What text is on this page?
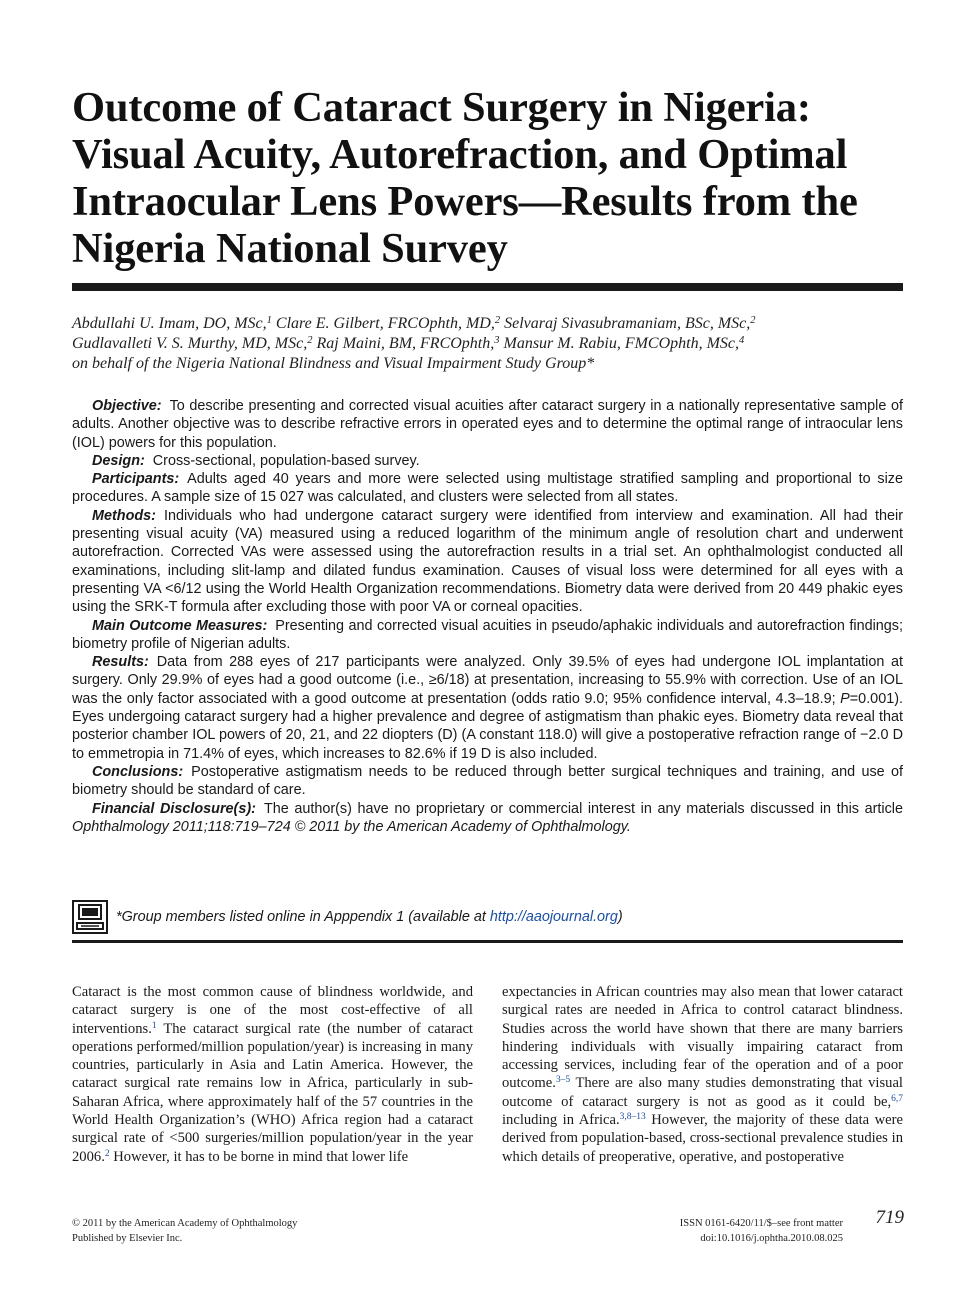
Outcome of Cataract Surgery in Nigeria:
Visual Acuity, Autorefraction, and Optimal
Intraocular Lens Powers—Results from the
Nigeria National Survey
Abdullahi U. Imam, DO, MSc,$^1$ Clare E. Gilbert, FRCOphth, MD,$^2$ Selvaraj Sivasubramaniam, BSc, MSc,$^2$
Gudlavalleti V. S. Murthy, MD, MSc,$^2$ Raj Maini, BM, FRCOphth,$^3$ Mansur M. Rabiu, FMCOphth, MSc,$^4$
on behalf of the Nigeria National Blindness and Visual Impairment Study Group*

Objective: To describe presenting and corrected visual acuities after cataract surgery in a nationally representative sample of adults. Another objective was to describe refractive errors in operated eyes and to determine the optimal range of intraocular lens (IOL) powers for this population.

Design: Cross-sectional, population-based survey.

Participants: Adults aged 40 years and more were selected using multistage stratified sampling and proportional to size procedures. A sample size of 15 027 was calculated, and clusters were selected from all states.

Methods: Individuals who had undergone cataract surgery were identified from interview and examination. All had their presenting visual acuity (VA) measured using a reduced logarithm of the minimum angle of resolution chart and underwent autorefraction. Corrected VAs were assessed using the autorefraction results in a trial set. An ophthalmologist conducted all examinations, including slit-lamp and dilated fundus examination. Causes of visual loss were determined for all eyes with a presenting VA <6/12 using the World Health Organization recommendations. Biometry data were derived from 20 449 phakic eyes using the SRK-T formula after excluding those with poor VA or corneal opacities.

Main Outcome Measures: Presenting and corrected visual acuities in pseudo/aphakic individuals and autorefraction findings; biometry profile of Nigerian adults.

Results: Data from 288 eyes of 217 participants were analyzed. Only 39.5% of eyes had undergone IOL implantation at surgery. Only 29.9% of eyes had a good outcome (i.e., ≥6/18) at presentation, increasing to 55.9% with correction. Use of an IOL was the only factor associated with a good outcome at presentation (odds ratio 9.0; 95% confidence interval, 4.3–18.9; P=0.001). Eyes undergoing cataract surgery had a higher prevalence and degree of astigmatism than phakic eyes. Biometry data reveal that posterior chamber IOL powers of 20, 21, and 22 diopters (D) (A constant 118.0) will give a postoperative refraction range of −2.0 D to emmetropia in 71.4% of eyes, which increases to 82.6% if 19 D is also included.

Conclusions: Postoperative astigmatism needs to be reduced through better surgical techniques and training, and use of biometry should be standard of care.

Financial Disclosure(s): The author(s) have no proprietary or commercial interest in any materials discussed in this article Ophthalmology 2011;118:719–724 © 2011 by the American Academy of Ophthalmology.

*Group members listed online in Apppendix 1 (available at http://aaojournal.org)

Cataract is the most common cause of blindness worldwide, and cataract surgery is one of the most cost-effective of all interventions.$^1$ The cataract surgical rate (the number of cataract operations performed/million population/year) is increasing in many countries, particularly in Asia and Latin America. However, the cataract surgical rate remains low in Africa, particularly in sub-Saharan Africa, where approximately half of the 57 countries in the World Health Organization’s (WHO) Africa region had a cataract surgical rate of <500 surgeries/million population/year in the year 2006.$^2$ However, it has to be borne in mind that lower life

expectancies in African countries may also mean that lower cataract surgical rates are needed in Africa to control cataract blindness. Studies across the world have shown that there are many barriers hindering individuals with visually impairing cataract from accessing services, including fear of the operation and of a poor outcome.$^{3-5}$ There are also many studies demonstrating that visual outcome of cataract surgery is not as good as it could be,$^{6,7}$ including in Africa.$^{3,8-13}$ However, the majority of these data were derived from population-based, cross-sectional prevalence studies in which details of preoperative, operative, and postoperative

© 2011 by the American Academy of Ophthalmology
Published by Elsevier Inc.
ISSN 0161-6420/11/$–see front matter
doi:10.1016/j.ophtha.2010.08.025
719
